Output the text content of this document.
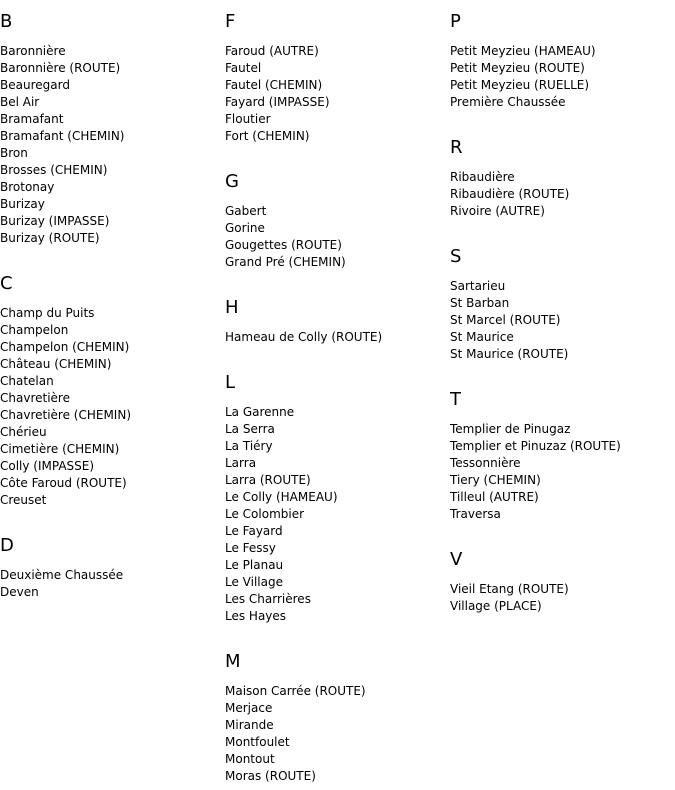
B
Baronnière
Baronnière (ROUTE)
Beauregard
Bel Air
Bramafant
Bramafant (CHEMIN)
Bron
Brosses (CHEMIN)
Brotonay
Burizay
Burizay (IMPASSE)
Burizay (ROUTE)
C
Champ du Puits
Champelon
Champelon (CHEMIN)
Château (CHEMIN)
Chatelan
Chavretière
Chavretière (CHEMIN)
Chérieu
Cimetière (CHEMIN)
Colly (IMPASSE)
Côte Faroud (ROUTE)
Creuset
D
Deuxième Chaussée
Deven
F
Faroud (AUTRE)
Fautel
Fautel (CHEMIN)
Fayard (IMPASSE)
Floutier
Fort (CHEMIN)
G
Gabert
Gorine
Gougettes (ROUTE)
Grand Pré (CHEMIN)
H
Hameau de Colly (ROUTE)
L
La Garenne
La Serra
La Tiéry
Larra
Larra (ROUTE)
Le Colly (HAMEAU)
Le Colombier
Le Fayard
Le Fessy
Le Planau
Le Village
Les Charrières
Les Hayes
M
Maison Carrée (ROUTE)
Merjace
Mirande
Montfoulet
Montout
Moras (ROUTE)
P
Petit Meyzieu (HAMEAU)
Petit Meyzieu (ROUTE)
Petit Meyzieu (RUELLE)
Première Chaussée
R
Ribaudière
Ribaudière (ROUTE)
Rivoire (AUTRE)
S
Sartarieu
St Barban
St Marcel (ROUTE)
St Maurice
St Maurice (ROUTE)
T
Templier de Pinugaz
Templier et Pinuzaz (ROUTE)
Tessonnière
Tiery (CHEMIN)
Tilleul (AUTRE)
Traversa
V
Vieil Etang (ROUTE)
Village (PLACE)
